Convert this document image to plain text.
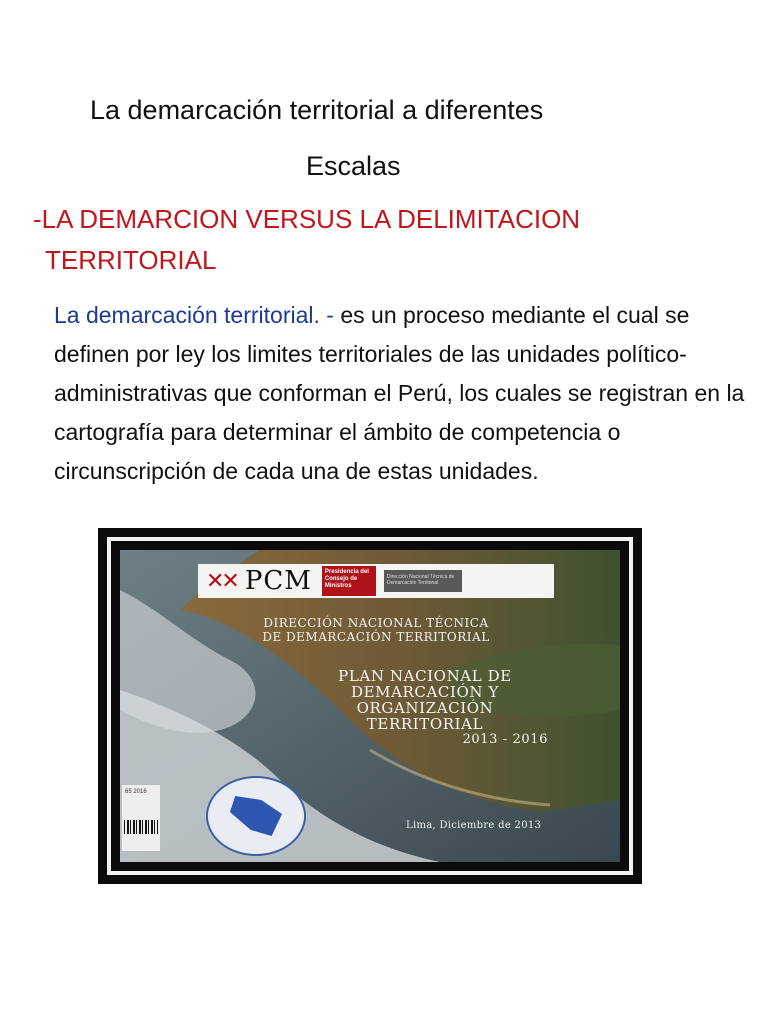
La demarcación territorial a diferentes
Escalas
-LA DEMARCION VERSUS LA DELIMITACION
TERRITORIAL

La demarcación territorial. - es un proceso mediante el cual se definen por ley los limites territoriales de las unidades político-administrativas que conforman el Perú, los cuales se registran en la cartografía para determinar el ámbito de competencia o circunscripción de cada una de estas unidades.

✕✕ PCM	Presidencia del Consejo de Ministros
Dirección Nacional Técnica de Demarcación Territorial
DIRECCIÓN NACIONAL TÉCNICA
DE DEMARCACIÓN TERRITORIAL
PLAN NACIONAL DE
DEMARCACIÓN Y
ORGANIZACIÓN
TERRITORIAL
2013 - 2016
65 2016
Lima, Diciembre de 2013
